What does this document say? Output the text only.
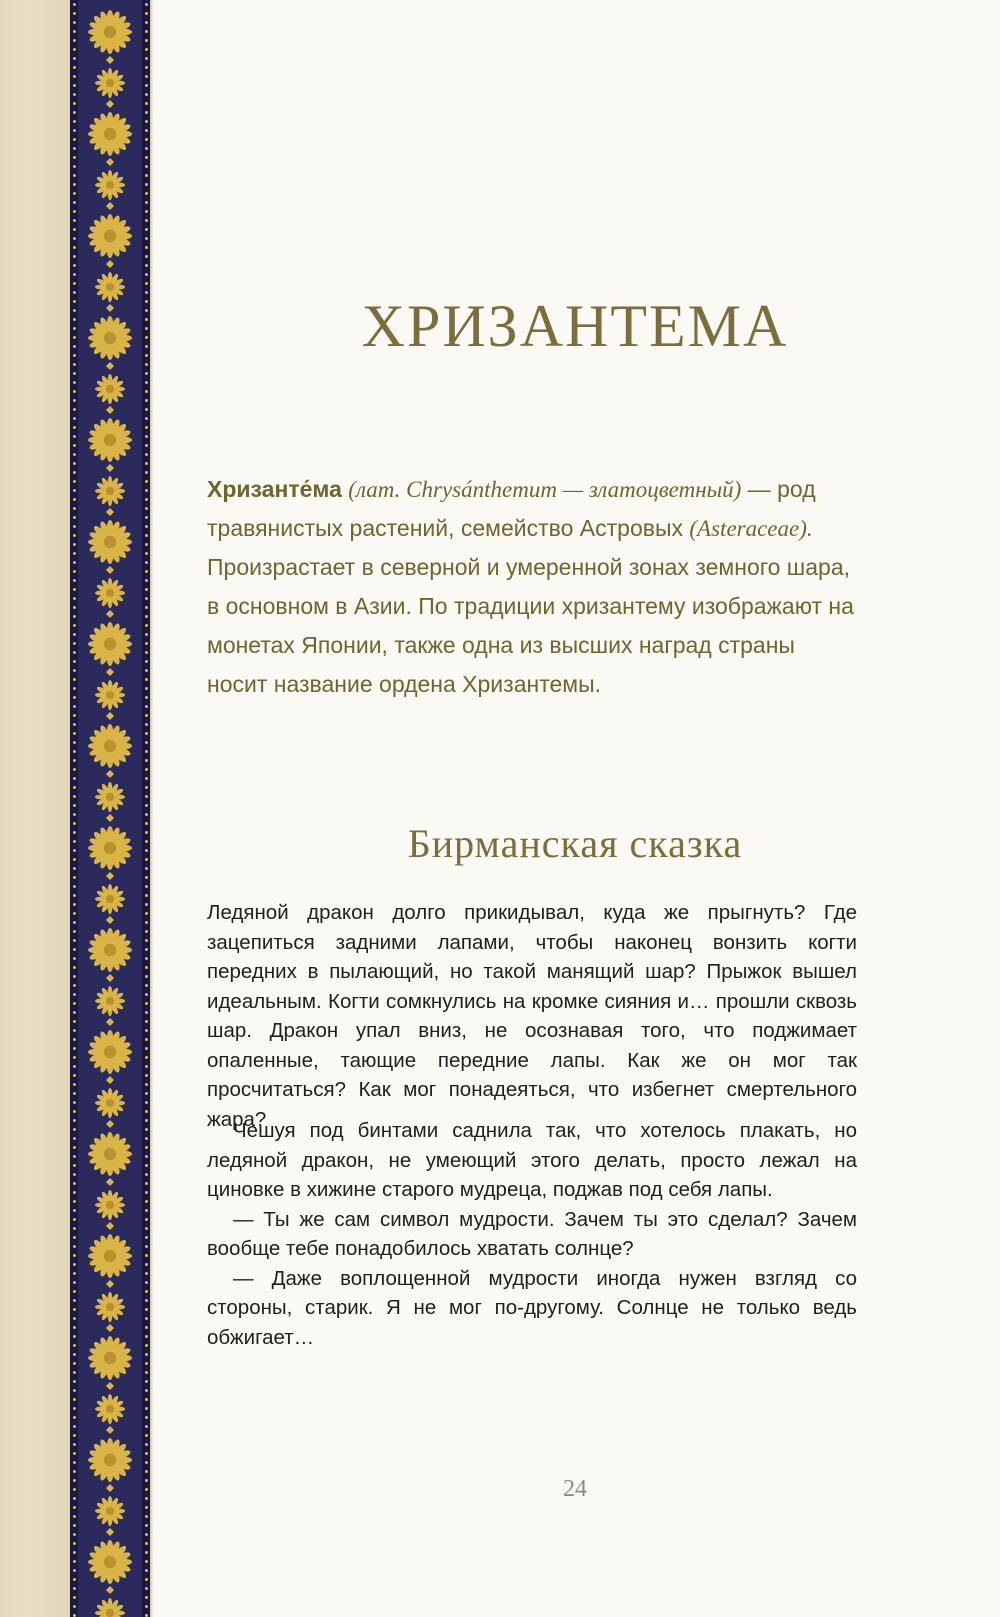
ХРИЗАНТЕМА
Хризанте́ма (лат. Chrysánthemum — златоцветный) — род травянистых растений, семейство Астровых (Asteraceae). Произрастает в северной и умеренной зонах земного шара, в основном в Азии. По традиции хризантему изображают на монетах Японии, также одна из высших наград страны носит название ордена Хризантемы.
Бирманская сказка

Ледяной дракон долго прикидывал, куда же прыгнуть? Где зацепиться задними лапами, чтобы наконец вонзить когти передних в пылающий, но такой манящий шар? Прыжок вышел идеальным. Когти сомкнулись на кромке сияния и… прошли сквозь шар. Дракон упал вниз, не осознавая того, что поджимает опаленные, тающие передние лапы. Как же он мог так просчитаться? Как мог понадеяться, что избегнет смертельного жара?

Чешуя под бинтами саднила так, что хотелось плакать, но ледяной дракон, не умеющий этого делать, просто лежал на циновке в хижине старого мудреца, поджав под себя лапы.

— Ты же сам символ мудрости. Зачем ты это сделал? Зачем вообще тебе понадобилось хватать солнце?

— Даже воплощенной мудрости иногда нужен взгляд со стороны, старик. Я не мог по-другому. Солнце не только ведь обжигает…

24
